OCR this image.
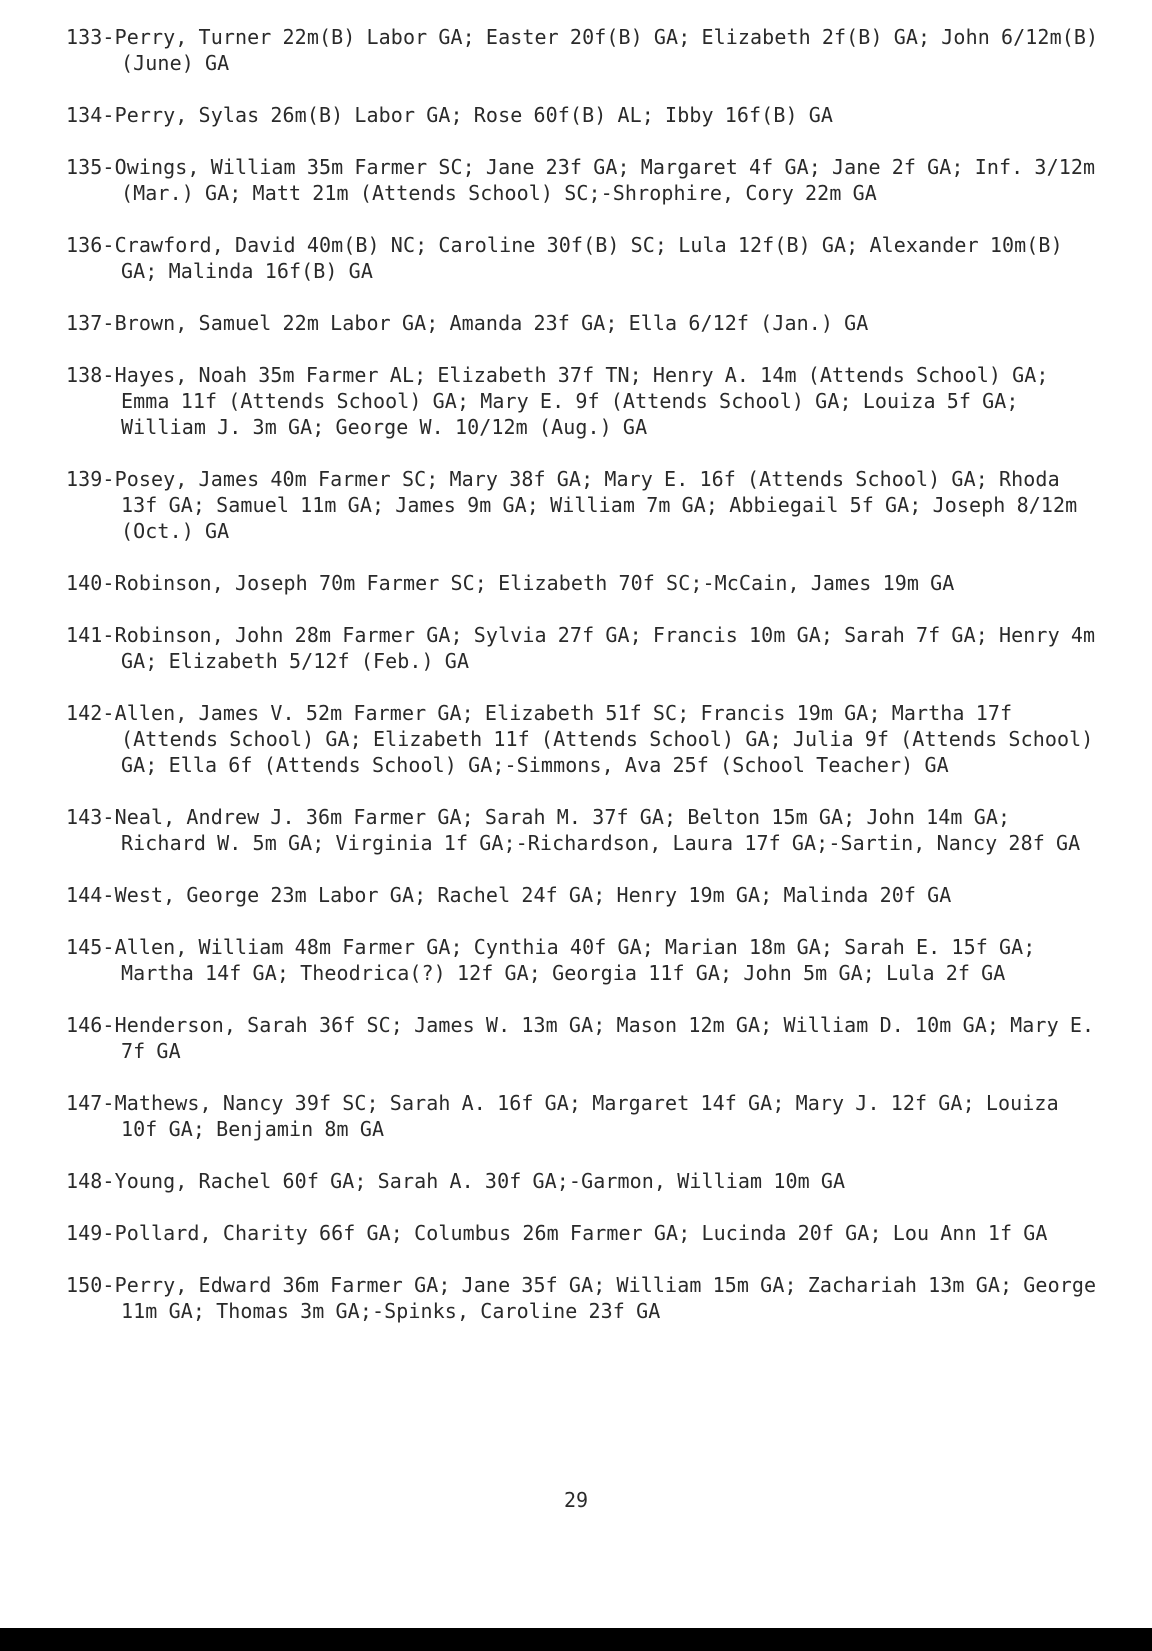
133-Perry, Turner 22m(B) Labor GA; Easter 20f(B) GA; Elizabeth 2f(B) GA; John 6/12m(B) (June) GA

134-Perry, Sylas 26m(B) Labor GA; Rose 60f(B) AL; Ibby 16f(B) GA

135-Owings, William 35m Farmer SC; Jane 23f GA; Margaret 4f GA; Jane 2f GA; Inf. 3/12m (Mar.) GA; Matt 21m (Attends School) SC;-Shrophire, Cory 22m GA

136-Crawford, David 40m(B) NC; Caroline 30f(B) SC; Lula 12f(B) GA; Alexander 10m(B) GA; Malinda 16f(B) GA

137-Brown, Samuel 22m Labor GA; Amanda 23f GA; Ella 6/12f (Jan.) GA

138-Hayes, Noah 35m Farmer AL; Elizabeth 37f TN; Henry A. 14m (Attends School) GA; Emma 11f (Attends School) GA; Mary E. 9f (Attends School) GA; Louiza 5f GA; William J. 3m GA; George W. 10/12m (Aug.) GA

139-Posey, James 40m Farmer SC; Mary 38f GA; Mary E. 16f (Attends School) GA; Rhoda 13f GA; Samuel 11m GA; James 9m GA; William 7m GA; Abbiegail 5f GA; Joseph 8/12m (Oct.) GA

140-Robinson, Joseph 70m Farmer SC; Elizabeth 70f SC;-McCain, James 19m GA

141-Robinson, John 28m Farmer GA; Sylvia 27f GA; Francis 10m GA; Sarah 7f GA; Henry 4m GA; Elizabeth 5/12f (Feb.) GA

142-Allen, James V. 52m Farmer GA; Elizabeth 51f SC; Francis 19m GA; Martha 17f (Attends School) GA; Elizabeth 11f (Attends School) GA; Julia 9f (Attends School) GA; Ella 6f (Attends School) GA;-Simmons, Ava 25f (School Teacher) GA

143-Neal, Andrew J. 36m Farmer GA; Sarah M. 37f GA; Belton 15m GA; John 14m GA; Richard W. 5m GA; Virginia 1f GA;-Richardson, Laura 17f GA;-Sartin, Nancy 28f GA

144-West, George 23m Labor GA; Rachel 24f GA; Henry 19m GA; Malinda 20f GA

145-Allen, William 48m Farmer GA; Cynthia 40f GA; Marian 18m GA; Sarah E. 15f GA; Martha 14f GA; Theodrica(?) 12f GA; Georgia 11f GA; John 5m GA; Lula 2f GA

146-Henderson, Sarah 36f SC; James W. 13m GA; Mason 12m GA; William D. 10m GA; Mary E. 7f GA

147-Mathews, Nancy 39f SC; Sarah A. 16f GA; Margaret 14f GA; Mary J. 12f GA; Louiza 10f GA; Benjamin 8m GA

148-Young, Rachel 60f GA; Sarah A. 30f GA;-Garmon, William 10m GA

149-Pollard, Charity 66f GA; Columbus 26m Farmer GA; Lucinda 20f GA; Lou Ann 1f GA

150-Perry, Edward 36m Farmer GA; Jane 35f GA; William 15m GA; Zachariah 13m GA; George 11m GA; Thomas 3m GA;-Spinks, Caroline 23f GA

29
